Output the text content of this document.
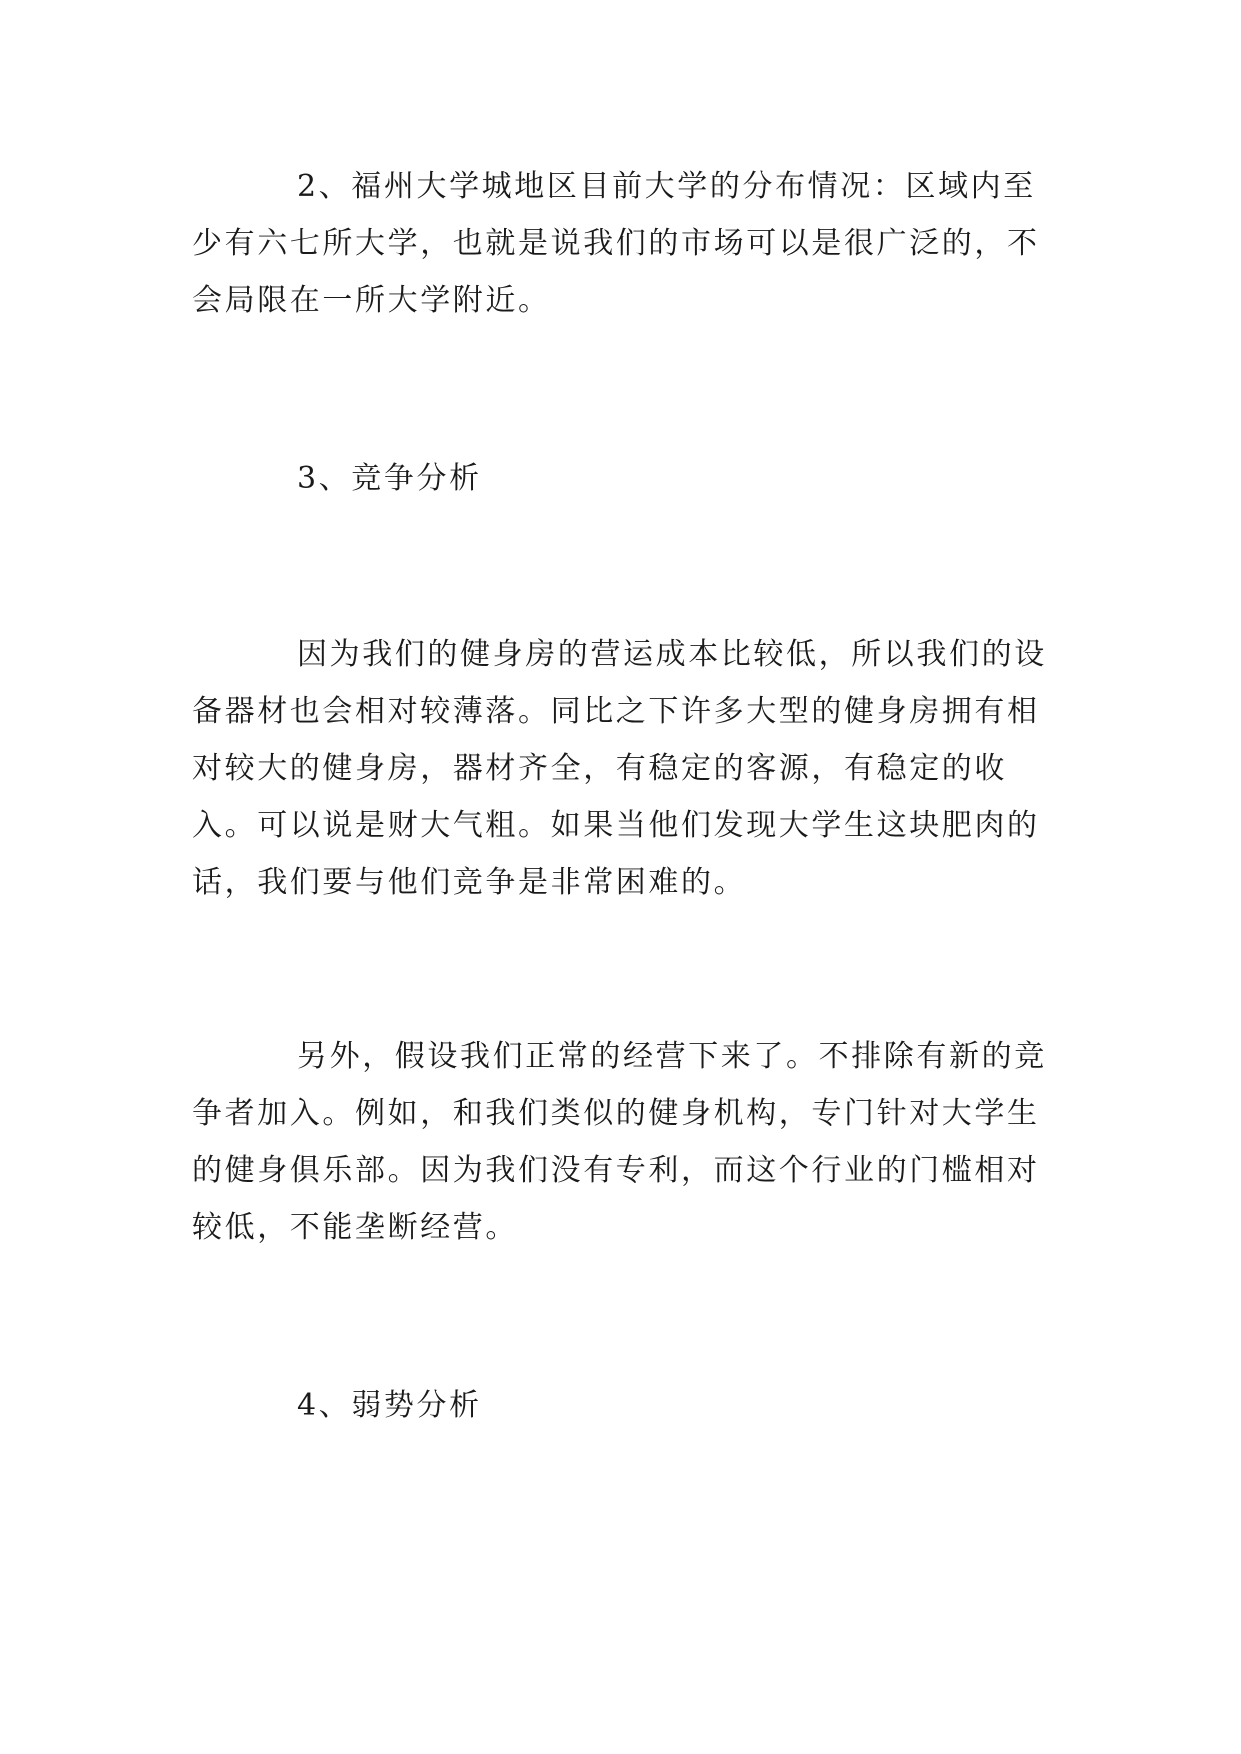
2、福州大学城地区目前大学的分布情况：区域内至少有六七所大学，也就是说我们的市场可以是很广泛的，不会局限在一所大学附近。

3、竞争分析

因为我们的健身房的营运成本比较低，所以我们的设备器材也会相对较薄落。同比之下许多大型的健身房拥有相对较大的健身房，器材齐全，有稳定的客源，有稳定的收入。可以说是财大气粗。如果当他们发现大学生这块肥肉的话，我们要与他们竞争是非常困难的。

另外，假设我们正常的经营下来了。不排除有新的竞争者加入。例如，和我们类似的健身机构，专门针对大学生的健身俱乐部。因为我们没有专利，而这个行业的门槛相对较低，不能垄断经营。

4、弱势分析
